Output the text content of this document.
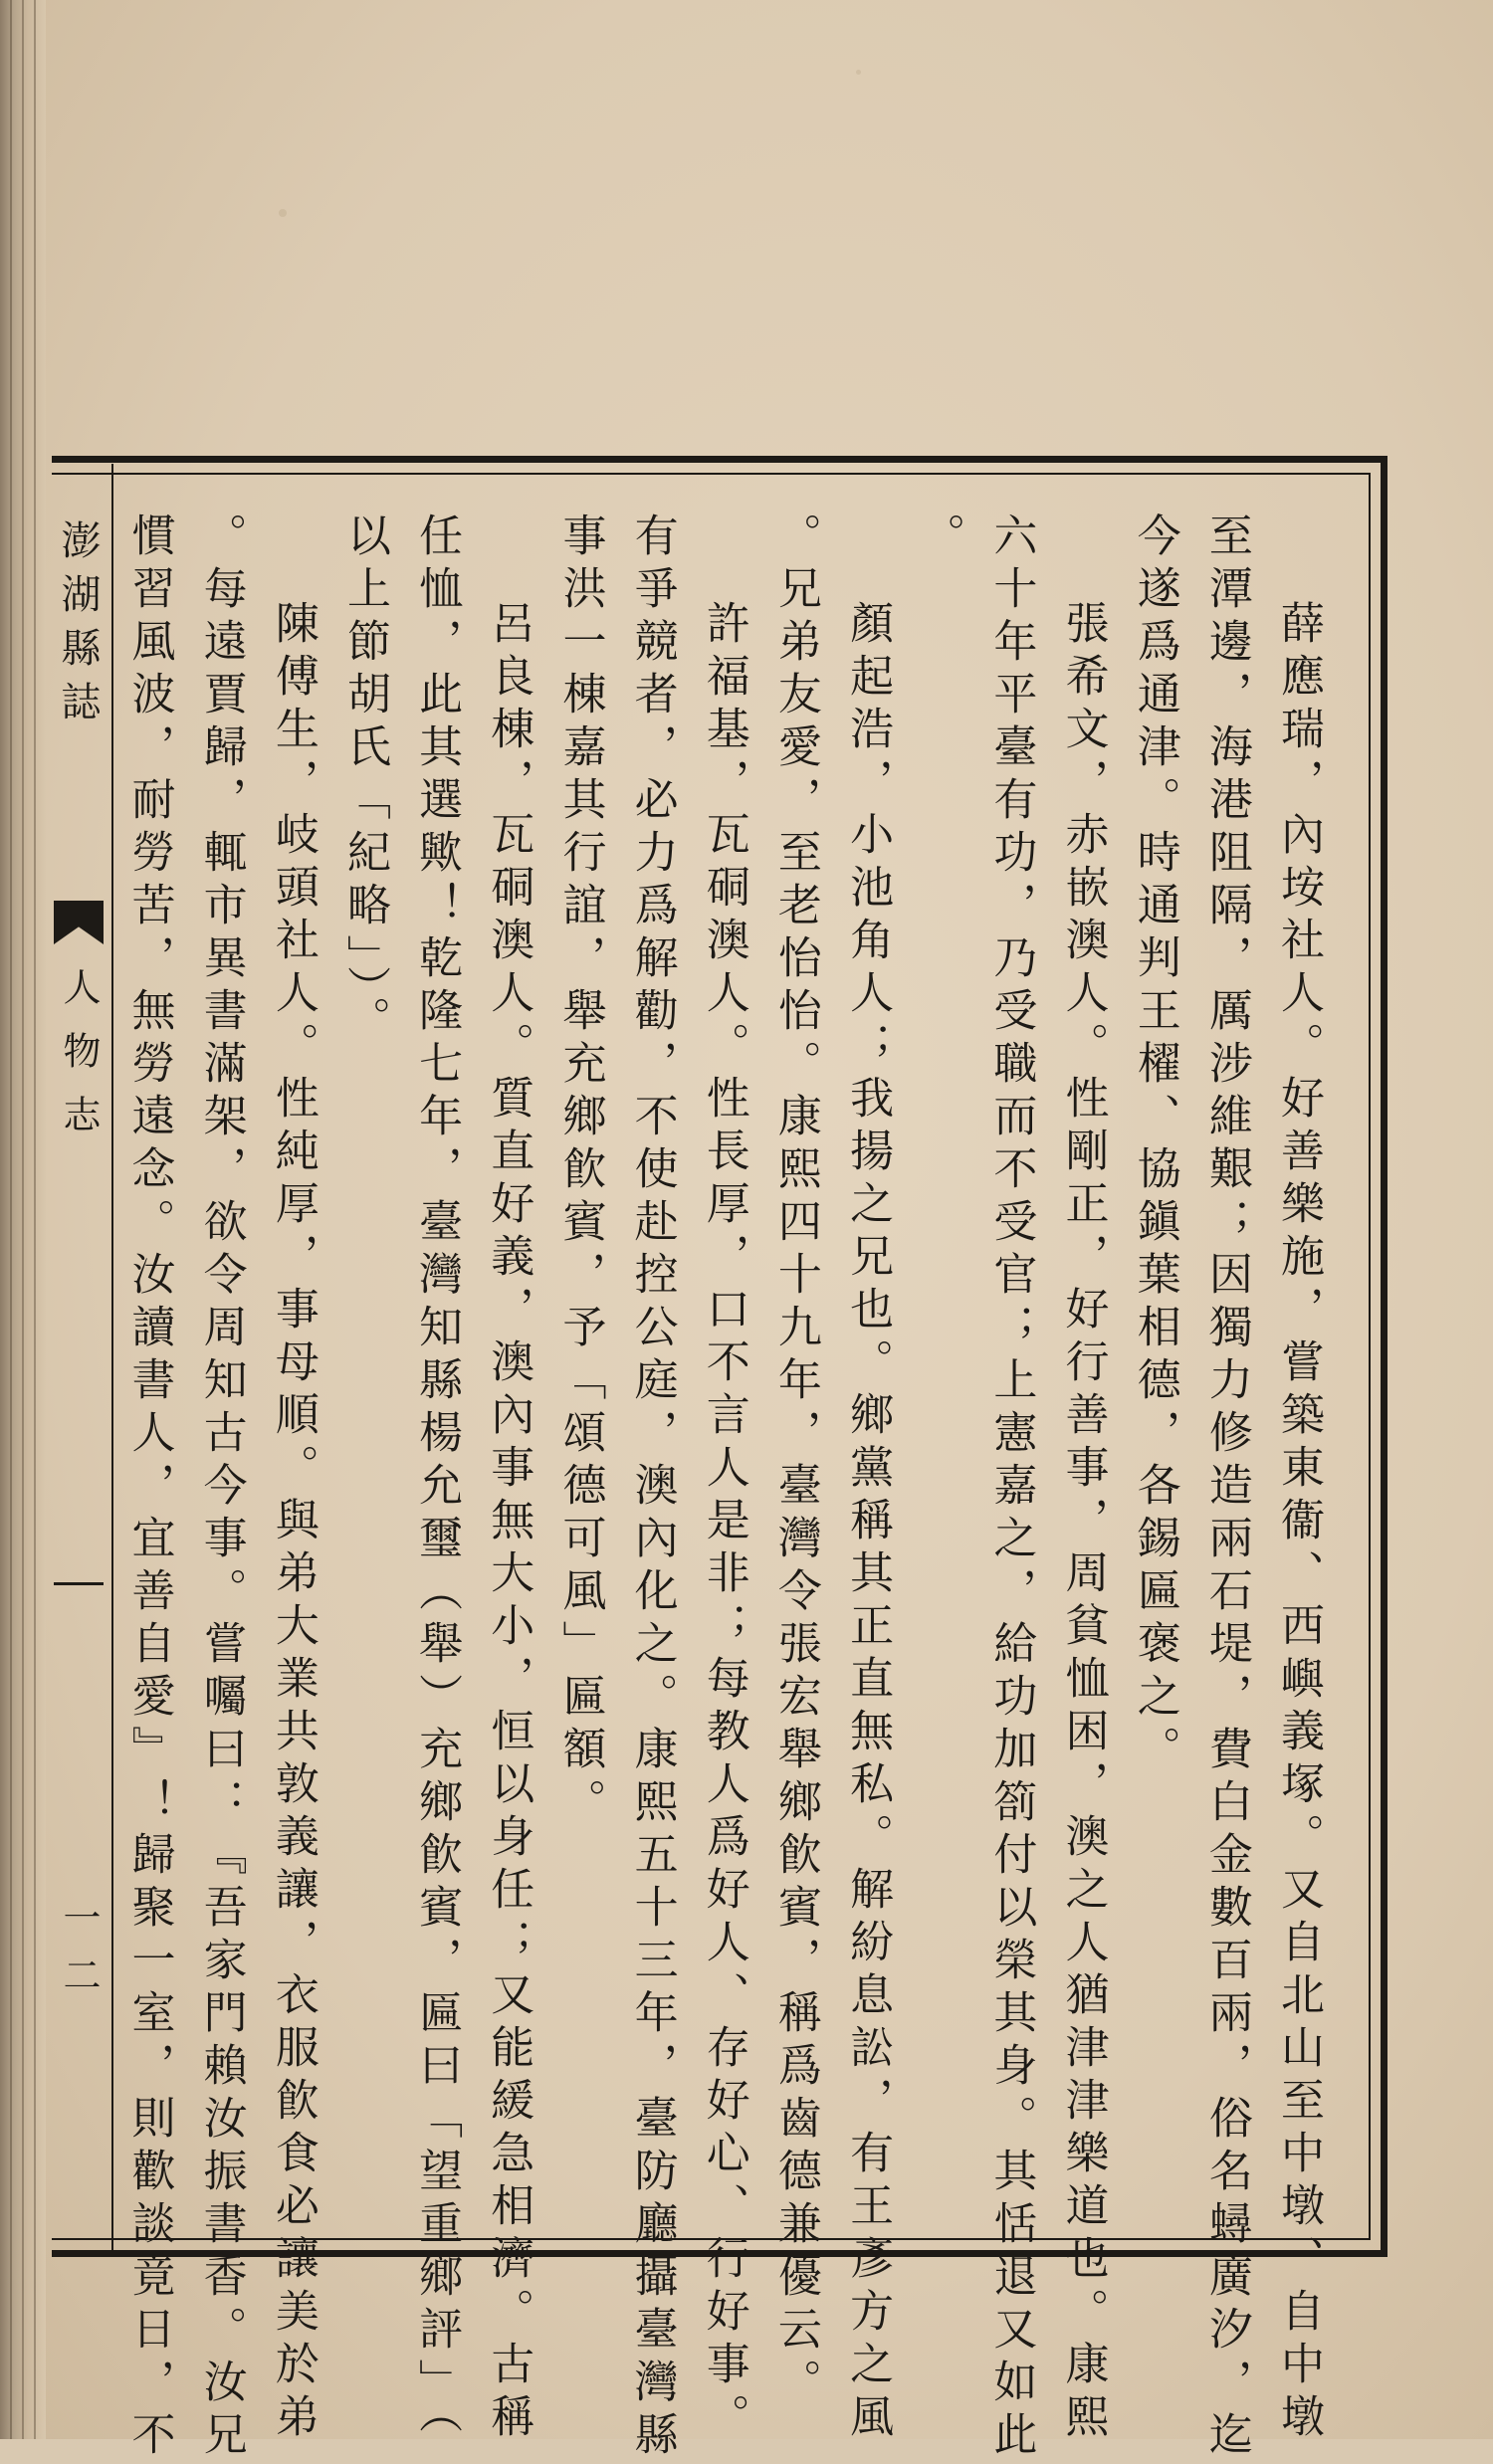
澎湖縣誌
人物志
一二	薛應瑞，內垵社人。好善樂施，嘗築東衞、西嶼義塚。又自北山至中墩、自中墩

至潭邊，海港阻隔，厲涉維艱；因獨力修造兩石堤，費白金數百兩，俗名蟳廣汐，迄

今遂爲通津。時通判王櫂、協鎭葉相德，各錫匾褒之。

張希文，赤嵌澳人。性剛正，好行善事，周貧恤困，澳之人猶津津樂道也。康熙

六十年平臺有功，乃受職而不受官；上憲嘉之，給功加箚付以榮其身。其恬退又如此

。

顏起浩，小池角人；我揚之兄也。鄉黨稱其正直無私。解紛息訟，有王彥方之風

。兄弟友愛，至老怡怡。康熙四十九年，臺灣令張宏舉鄉飮賓，稱爲齒德兼優云。

許福基，瓦硐澳人。性長厚，口不言人是非；每教人爲好人、存好心、行好事。

有爭競者，必力爲解勸，不使赴控公庭，澳內化之。康熙五十三年，臺防廳攝臺灣縣

事洪一棟嘉其行誼，舉充鄉飮賓，予「頌德可風」匾額。

呂良棟，瓦硐澳人。質直好義，澳內事無大小，恒以身任；又能緩急相濟。古稱

任恤，此其選歟！乾隆七年，臺灣知縣楊允璽（舉）充鄉飮賓，匾曰「望重鄉評」（

以上節胡氏「紀略」）。

陳傅生，岐頭社人。性純厚，事母順。與弟大業共敦義讓，衣服飮食必讓美於弟

。每遠賈歸，輒市異書滿架，欲令周知古今事。嘗囑曰：『吾家門賴汝振書香。汝兄

慣習風波，耐勞苦，無勞遠念。汝讀書人，宜善自愛』！歸聚一室，則歡談竟日，不
